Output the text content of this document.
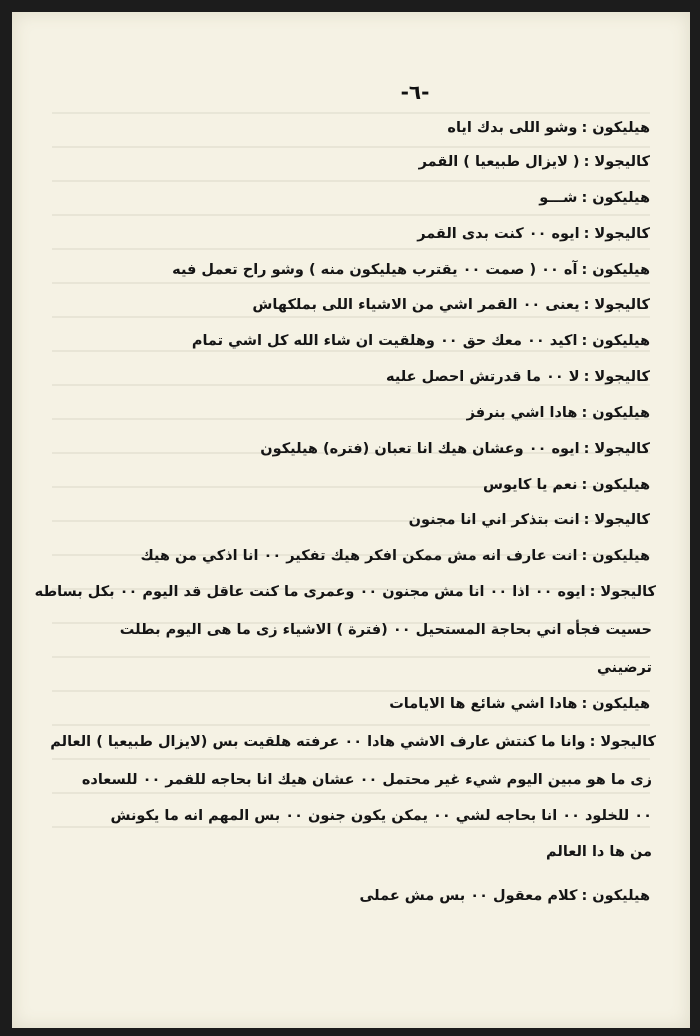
-٦-
هيليكون :وشو اللى بدك اياه
كاليجولا :( لايزال طبيعيا ) القمر
هيليكون :شـــو
كاليجولا :ايوه ٠٠ كنت بدى القمر
هيليكون :آه ٠٠ ( صمت ٠٠ يقترب هيليكون منه ) وشو راح تعمل فيه
كاليجولا :يعنى ٠٠ القمر اشي من الاشياء اللى بملكهاش
هيليكون :اكيد ٠٠ معك حق ٠٠ وهلقيت ان شاء الله كل اشي تمام
كاليجولا :لا ٠٠ ما قدرتش احصل عليه
هيليكون :هادا اشي بنرفز
كاليجولا :ايوه ٠٠ وعشان هيك انا تعبان (فتره) هيليكون
هيليكون :نعم يا كايوس
كاليجولا :انت بتذكر اني انا مجنون
هيليكون :انت عارف انه مش ممكن افكر هيك تفكير ٠٠ انا اذكي من هيك
كاليجولا :ايوه ٠٠ اذا ٠٠ انا مش مجنون ٠٠ وعمرى ما كنت عاقل قد اليوم ٠٠ بكل بساطه
حسيت فجأه اني بحاجة المستحيل ٠٠ (فترة ) الاشياء زى ما هى اليوم بطلت
ترضيني
هيليكون :هادا اشي شائع ها الايامات
كاليجولا :وانا ما كنتش عارف الاشي هادا ٠٠ عرفته هلقيت بس (لايزال طبيعيا ) العالم
زى ما هو مبين اليوم شيء غير محتمل ٠٠ عشان هيك انا بحاجه للقمر ٠٠ للسعاده
٠٠ للخلود ٠٠ انا بحاجه لشي ٠٠ يمكن يكون جنون ٠٠ بس المهم انه ما يكونش
من ها دا العالم
هيليكون :كلام معقول ٠٠ بس مش عملى
